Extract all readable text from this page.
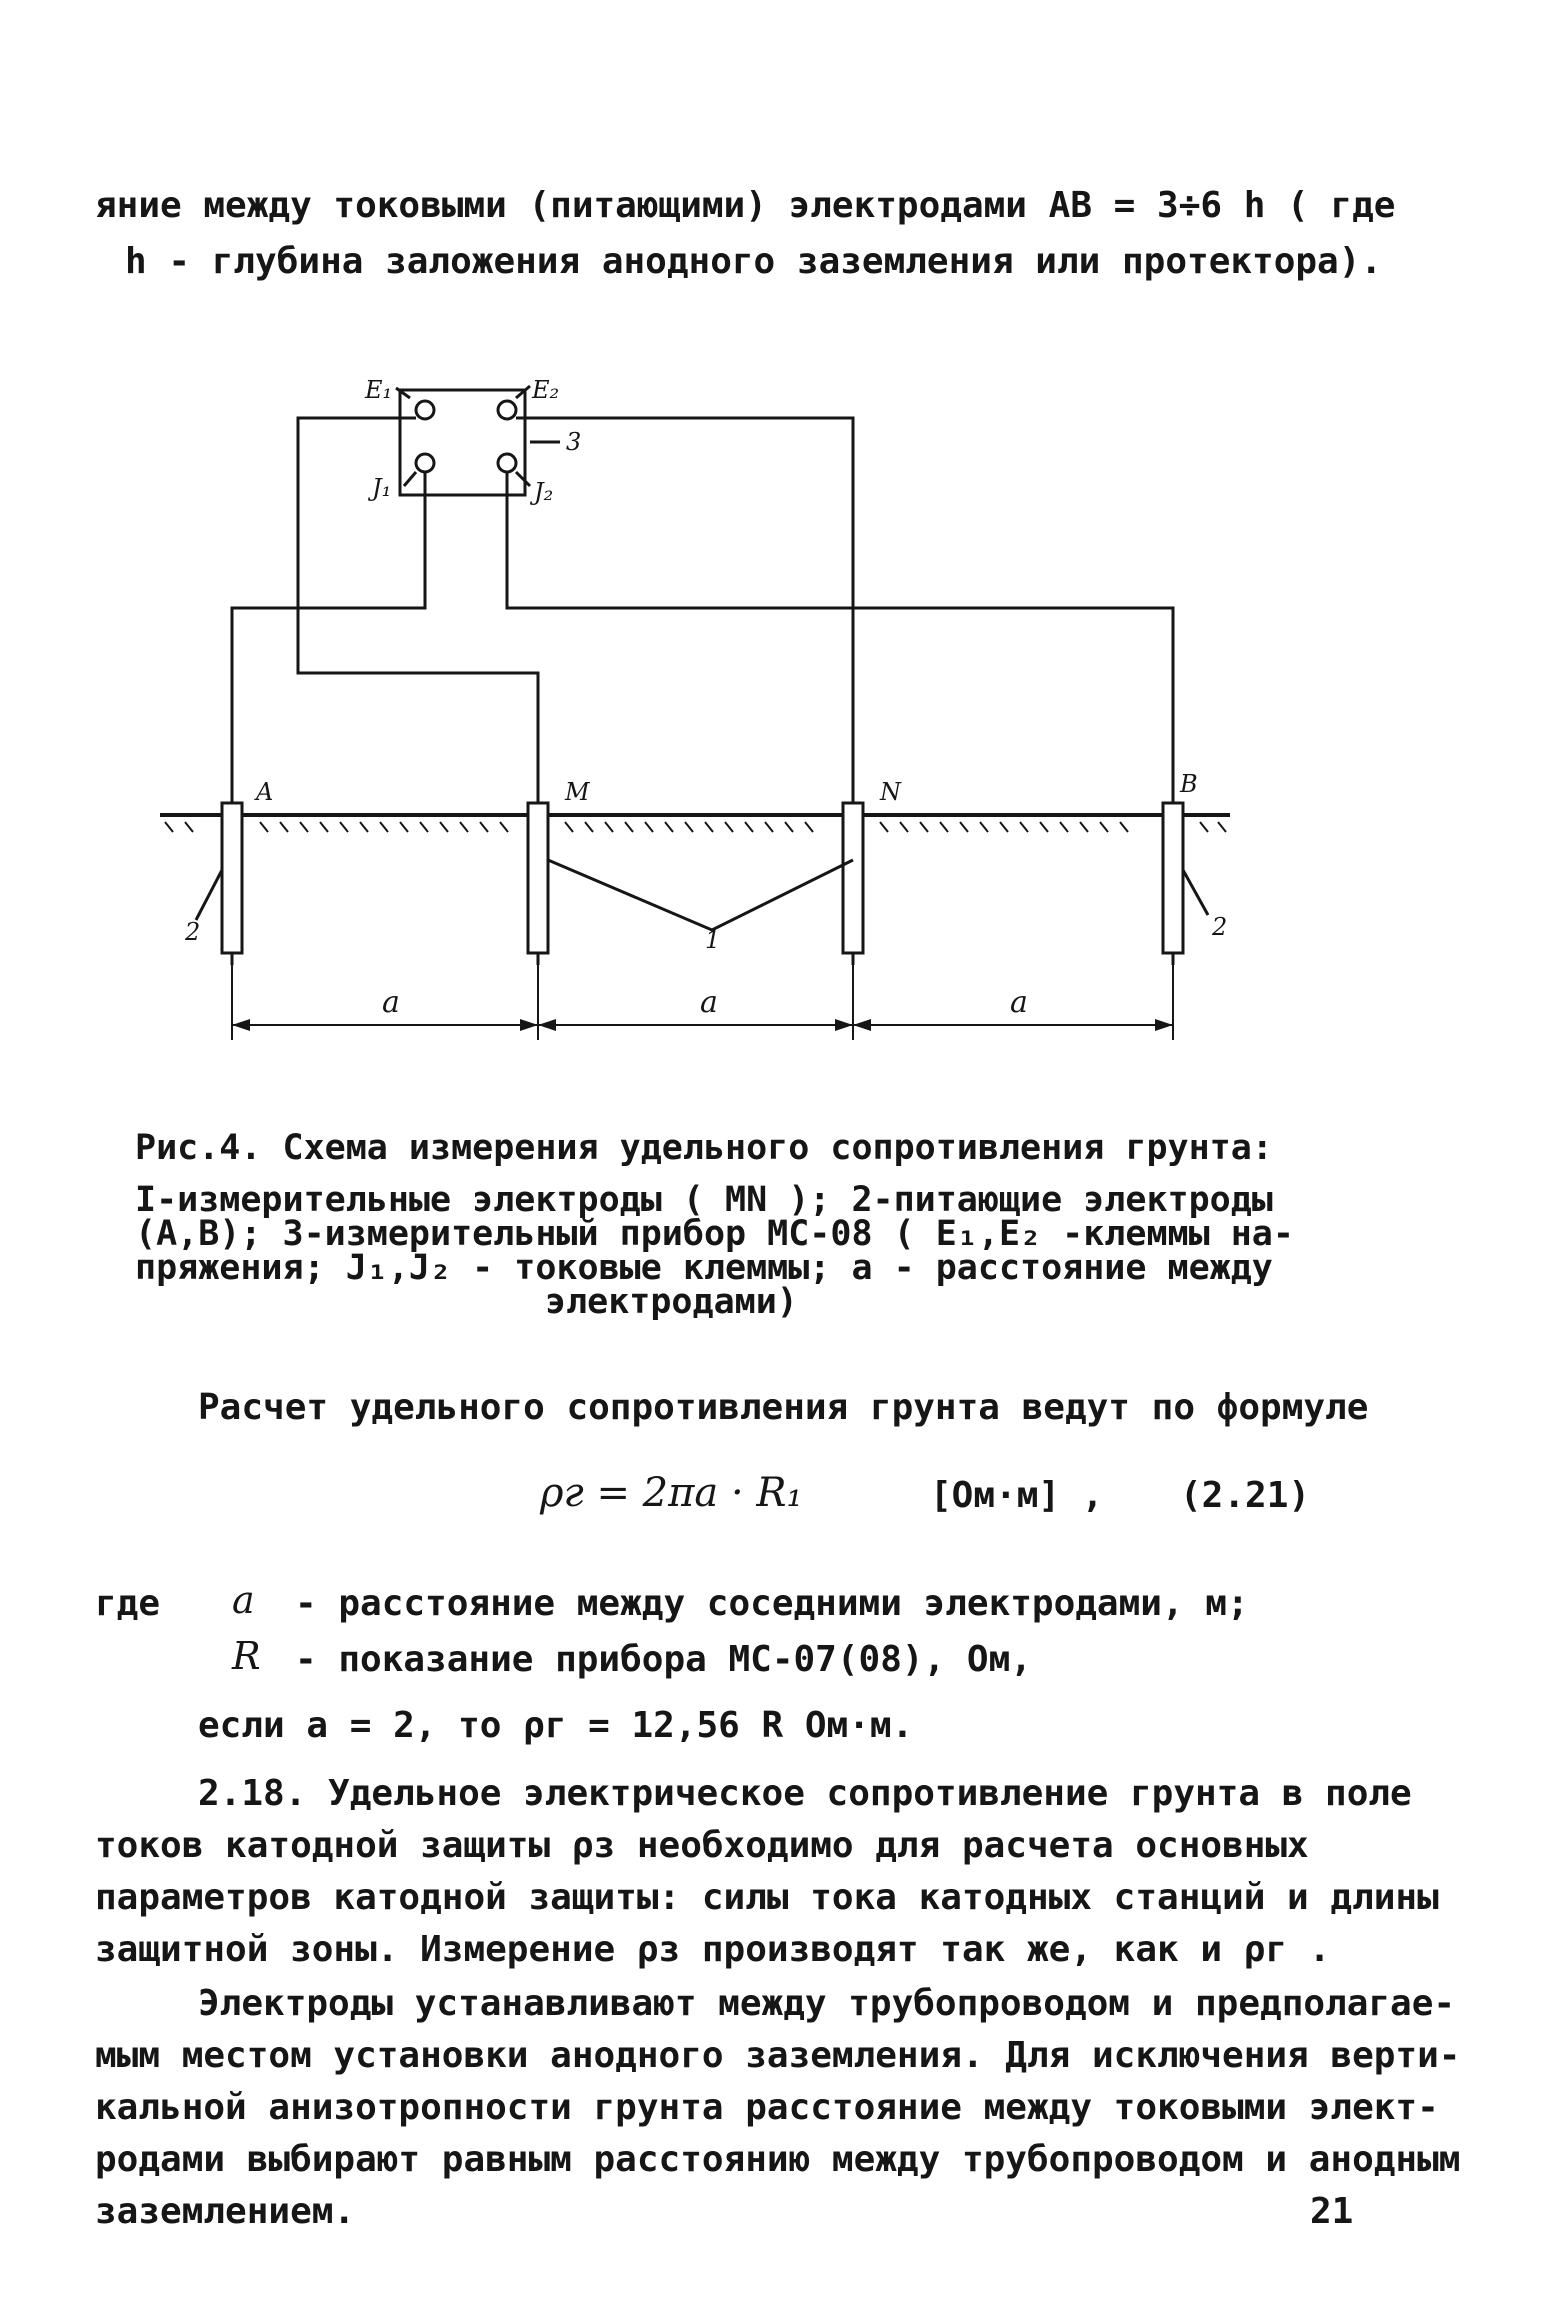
яние между токовыми (питающими) электродами АВ = 3÷6 h ( где
h - глубина заложения анодного заземления или протектора).
E₁	E₂
3
J₁	J₂
A	M	N	B
2	2
1
a	a	a
Рис.4. Схема измерения удельного сопротивления грунта:
I-измерительные электроды ( MN ); 2-питающие электроды
(A,B); 3-измерительный прибор МС-08 ( E₁,E₂ -клеммы на-
пряжения; J₁,J₂ - токовые клеммы; a - расстояние между
электродами)
Расчет удельного сопротивления грунта ведут по формуле
ρг = 2πa · R₁	[Ом·м] , (2.21)
где a - расстояние между соседними электродами, м;
R - показание прибора МС-07(08), Ом,
если a = 2, то ρг = 12,56 R Ом·м.
2.18. Удельное электрическое сопротивление грунта в поле
токов катодной защиты ρз необходимо для расчета основных
параметров катодной защиты: силы тока катодных станций и длины
защитной зоны. Измерение ρз производят так же, как и ρг .
Электроды устанавливают между трубопроводом и предполагае-
мым местом установки анодного заземления. Для исключения верти-
кальной анизотропности грунта расстояние между токовыми элект-
родами выбирают равным расстоянию между трубопроводом и анодным
заземлением.	21
